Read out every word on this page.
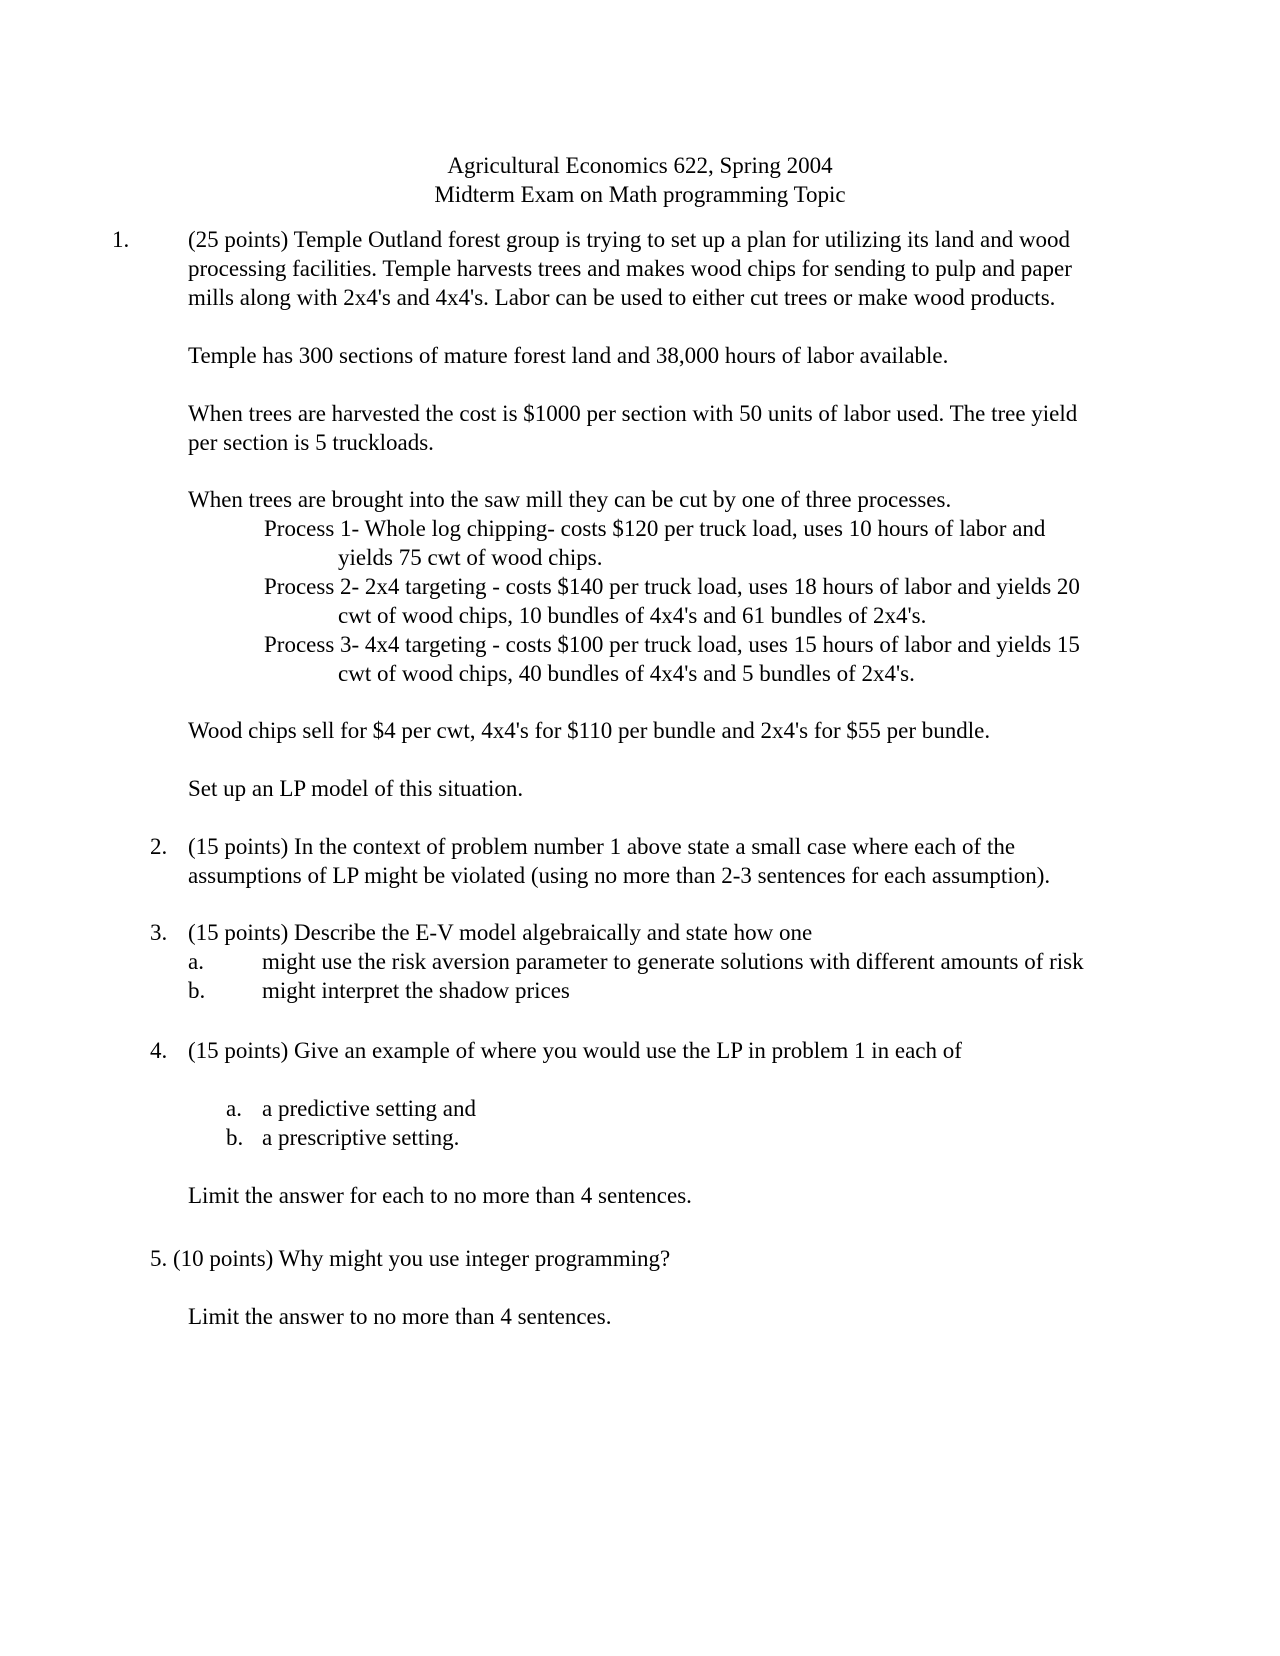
Agricultural Economics 622, Spring 2004
Midterm Exam on Math programming Topic
1.	(25 points) Temple Outland forest group is trying to set up a plan for utilizing its land and wood
processing facilities. Temple harvests trees and makes wood chips for sending to pulp and paper
mills along with 2x4's and 4x4's. Labor can be used to either cut trees or make wood products.
Temple has 300 sections of mature forest land and 38,000 hours of labor available.
When trees are harvested the cost is $1000 per section with 50 units of labor used. The tree yield
per section is 5 truckloads.
When trees are brought into the saw mill they can be cut by one of three processes.
Process 1- Whole log chipping- costs $120 per truck load, uses 10 hours of labor and
yields 75 cwt of wood chips.
Process 2- 2x4 targeting - costs $140 per truck load, uses 18 hours of labor and yields 20
cwt of wood chips, 10 bundles of 4x4's and 61 bundles of 2x4's.
Process 3- 4x4 targeting - costs $100 per truck load, uses 15 hours of labor and yields 15
cwt of wood chips, 40 bundles of 4x4's and 5 bundles of 2x4's.
Wood chips sell for $4 per cwt, 4x4's for $110 per bundle and 2x4's for $55 per bundle.
Set up an LP model of this situation.
2. (15 points) In the context of problem number 1 above state a small case where each of the
assumptions of LP might be violated (using no more than 2-3 sentences for each assumption).
3. (15 points) Describe the E-V model algebraically and state how one
a.	might use the risk aversion parameter to generate solutions with different amounts of risk
b. might interpret the shadow prices
4. (15 points) Give an example of where you would use the LP in problem 1 in each of
a. a predictive setting and
b. a prescriptive setting.
Limit the answer for each to no more than 4 sentences.
5. (10 points) Why might you use integer programming?
Limit the answer to no more than 4 sentences.
